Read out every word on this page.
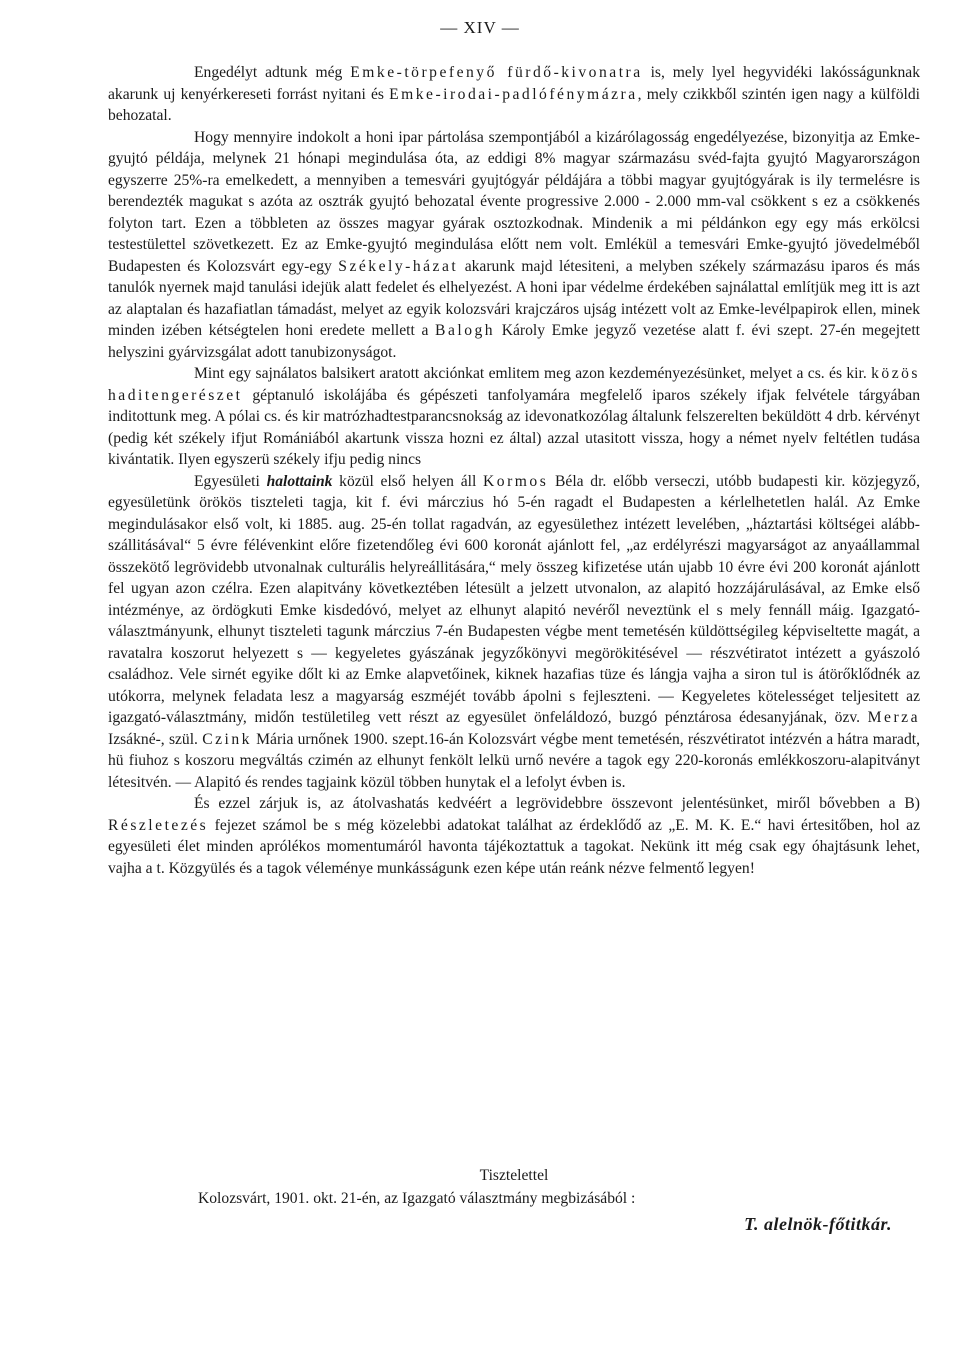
— XIV —

Engedélyt adtunk még Emke-törpefenyő fürdő-kivonatra is, mely lyel hegyvidéki lakósságunknak akarunk uj kenyérkereseti forrást nyitani és Emke-irodai-padlófénymázra, mely czikkből szintén igen nagy a külföldi behozatal.

Hogy mennyire indokolt a honi ipar pártolása szempontjából a kizárólagosság engedélyezése, bizonyitja az Emke-gyujtó példája, melynek 21 hónapi megindulása óta, az eddigi 8% magyar származásu svéd-fajta gyujtó Magyarországon egyszerre 25%-ra emelkedett, a mennyiben a temesvári gyujtógyár példájára a többi magyar gyujtógyárak is ily termelésre is berendezték magukat s azóta az osztrák gyujtó behozatal évente progressive 2.000 - 2.000 mm-val csökkent s ez a csökkenés folyton tart. Ezen a többleten az összes magyar gyárak osztozkodnak. Mindenik a mi példánkon egy egy más erkölcsi testestülettel szövetkezett. Ez az Emke-gyujtó megindulása előtt nem volt. Emlékül a temesvári Emke-gyujtó jövedelméből Budapesten és Kolozsvárt egy-egy Székely-házat akarunk majd létesiteni, a melyben székely származásu iparos és más tanulók nyernek majd tanulási idejük alatt fedelet és elhelyezést. A honi ipar védelme érdekében sajnálattal említjük meg itt is azt az alaptalan és hazafiatlan támadást, melyet az egyik kolozsvári krajczáros ujság intézett volt az Emke-levélpapirok ellen, minek minden izében kétségtelen honi eredete mellett a Balogh Károly Emke jegyző vezetése alatt f. évi szept. 27-én megejtett helyszini gyárvizsgálat adott tanubizonyságot.

Mint egy sajnálatos balsikert aratott akciónkat emlitem meg azon kezdeményezésünket, melyet a cs. és kir. közös haditengerészet géptanuló iskolájába és gépészeti tanfolyamára megfelelő iparos székely ifjak felvétele tárgyában inditottunk meg. A pólai cs. és kir matrózhadtestparancsnokság az idevonatkozólag általunk felszerelten beküldött 4 drb. kérvényt (pedig két székely ifjut Romániából akartunk vissza hozni ez által) azzal utasitott vissza, hogy a német nyelv feltétlen tudása kivántatik. Ilyen egyszerü székely ifju pedig nincs

Egyesületi halottaink közül első helyen áll Kormos Béla dr. előbb verseczi, utóbb budapesti kir. közjegyző, egyesületünk örökös tiszteleti tagja, kit f. évi márczius hó 5-én ragadt el Budapesten a kérlelhetetlen halál. Az Emke megindulásakor első volt, ki 1885. aug. 25-én tollat ragadván, az egyesülethez intézett levelében, „háztartási költségei alább-szállitásával“ 5 évre félévenkint előre fizetendőleg évi 600 koronát ajánlott fel, „az erdélyrészi magyarságot az anyaállammal összekötő legrövidebb utvonalnak culturális helyreállitására,“ mely összeg kifizetése után ujabb 10 évre évi 200 koronát ajánlott fel ugyan azon czélra. Ezen alapitvány következtében létesült a jelzett utvonalon, az alapitó hozzájárulásával, az Emke első intézménye, az ördögkuti Emke kisdedóvó, melyet az elhunyt alapitó nevéről neveztünk el s mely fennáll máig. Igazgató-választmányunk, elhunyt tiszteleti tagunk márczius 7-én Budapesten végbe ment temetésén küldöttségileg képviseltette magát, a ravatalra koszorut helyezett s — kegyeletes gyászának jegyzőkönyvi megörökitésével — részvétiratot intézett a gyászoló családhoz. Vele sirnét egyike dőlt ki az Emke alapvetőinek, kiknek hazafias tüze és lángja vajha a siron tul is átörőklődnék az utókorra, melynek feladata lesz a magyarság eszméjét tovább ápolni s fejleszteni. — Kegyeletes kötelességet teljesitett az igazgató-választmány, midőn testületileg vett részt az egyesület önfeláldozó, buzgó pénztárosa édesanyjának, özv. Merza Izsákné-, szül. Czink Mária urnőnek 1900. szept.16-án Kolozsvárt végbe ment temetésén, részvétiratot intézvén a hátra maradt, hü fiuhoz s koszoru megváltás czimén az elhunyt fenkölt lelkü urnő nevére a tagok egy 220-koronás emlékkoszoru-alapitványt létesitvén. — Alapitó és rendes tagjaink közül többen hunytak el a lefolyt évben is.

És ezzel zárjuk is, az átolvashatás kedvéért a legrövidebbre összevont jelentésünket, miről bővebben a B) Részletezés fejezet számol be s még közelebbi adatokat találhat az érdeklődő az „E. M. K. E.“ havi értesitőben, hol az egyesületi élet minden aprólékos momentumáról havonta tájékoztattuk a tagokat. Nekünk itt még csak egy óhajtásunk lehet, vajha a t. Közgyülés és a tagok véleménye munkásságunk ezen képe után reánk nézve felmentő legyen!

Tisztelettel
Kolozsvárt, 1901. okt. 21-én, az Igazgató választmány megbizásából :
T. alelnök-főtitkár.
